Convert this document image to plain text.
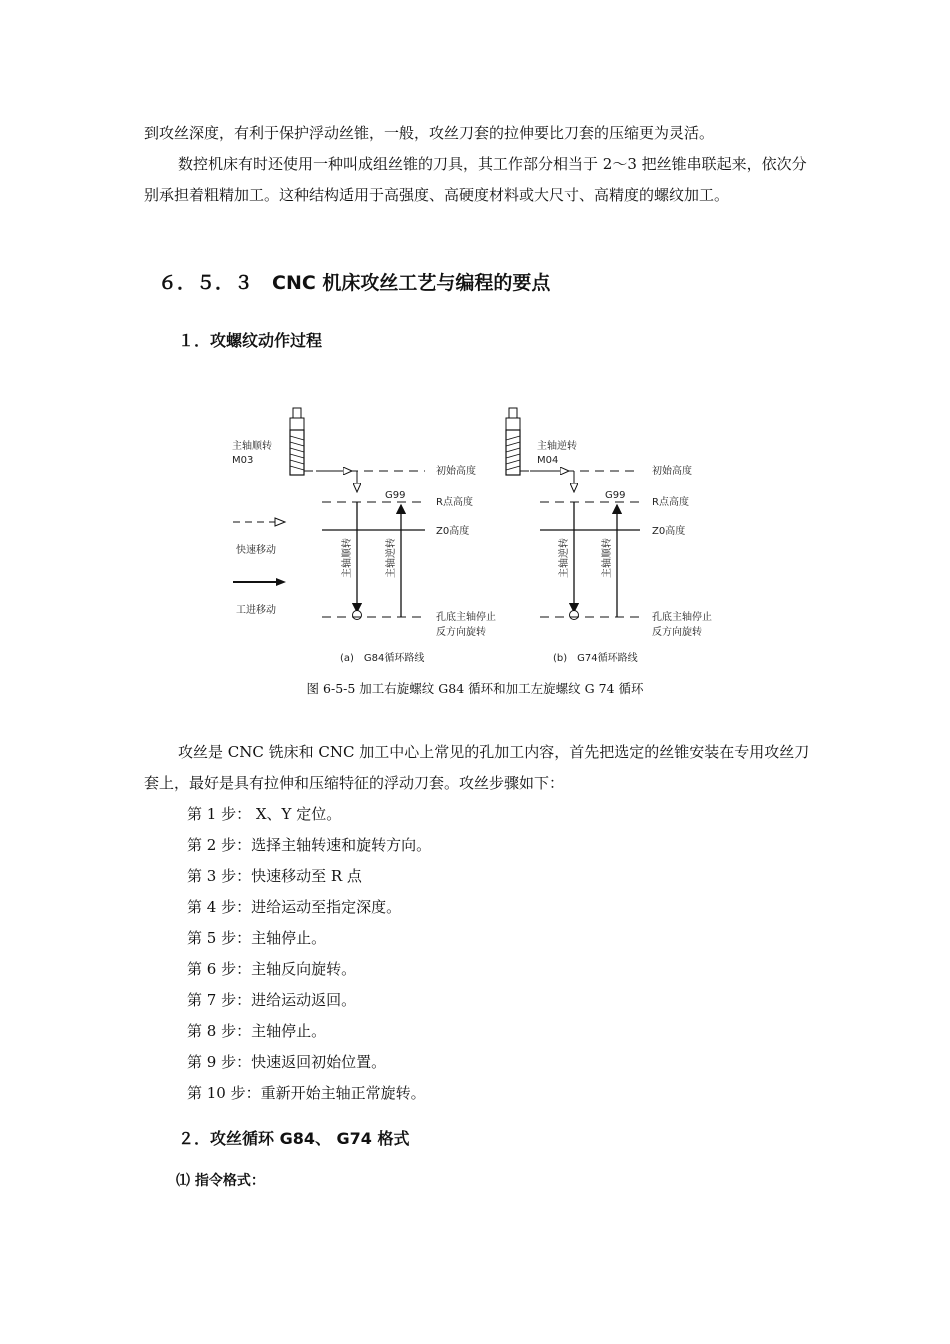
到攻丝深度，有利于保护浮动丝锥，一般，攻丝刀套的拉伸要比刀套的压缩更为灵活。

数控机床有时还使用一种叫成组丝锥的刀具，其工作部分相当于 2～3 把丝锥串联起来，依次分别承担着粗精加工。这种结构适用于高强度、高硬度材料或大尺寸、高精度的螺纹加工。

６．５．３　CNC 机床攻丝工艺与编程的要点
１．攻螺纹动作过程
主轴顺转
M03
G99
主轴顺转	主轴逆转
初始高度
R点高度
Z0高度
孔底主轴停止
反方向旋转
(a)　G84循环路线
快速移动
工进移动
主轴逆转
M04
G99
主轴逆转	主轴顺转
初始高度
R点高度
Z0高度
孔底主轴停止
反方向旋转
(b)　G74循环路线

图 6-5-5 加工右旋螺纹 G84 循环和加工左旋螺纹 G 74 循环

攻丝是 CNC 铣床和 CNC 加工中心上常见的孔加工内容，首先把选定的丝锥安装在专用攻丝刀套上，最好是具有拉伸和压缩特征的浮动刀套。攻丝步骤如下：

第 1 步： X、Y 定位。

第 2 步：选择主轴转速和旋转方向。

第 3 步：快速移动至 R 点

第 4 步：进给运动至指定深度。

第 5 步：主轴停止。

第 6 步：主轴反向旋转。

第 7 步：进给运动返回。

第 8 步：主轴停止。

第 9 步：快速返回初始位置。

第 10 步：重新开始主轴正常旋转。

２．攻丝循环 G84、 G74 格式
⑴ 指令格式：
